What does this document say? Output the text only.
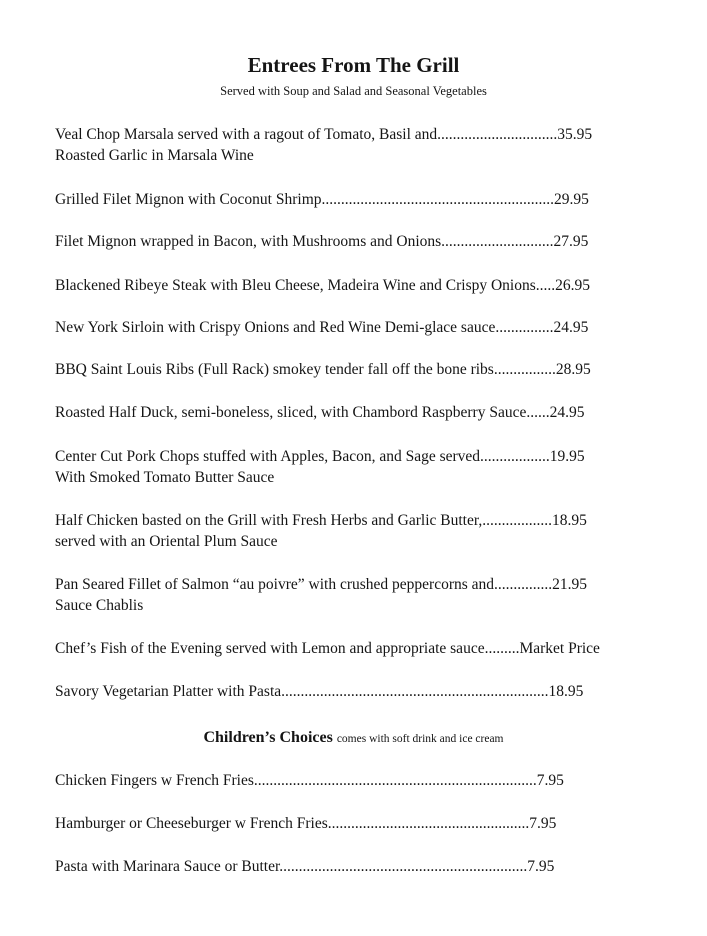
Entrees From The Grill
Served with Soup and Salad and Seasonal Vegetables
Veal Chop Marsala served with a ragout of Tomato, Basil and...............................35.95
Roasted Garlic in Marsala Wine
Grilled Filet Mignon with Coconut Shrimp............................................................29.95
Filet Mignon wrapped in Bacon, with Mushrooms and Onions.............................27.95
Blackened Ribeye Steak with Bleu Cheese, Madeira Wine and Crispy Onions.....26.95
New York Sirloin with Crispy Onions and Red Wine Demi-glace sauce...............24.95
BBQ Saint Louis Ribs (Full Rack) smokey tender fall off the bone ribs................28.95
Roasted Half Duck, semi-boneless, sliced, with Chambord Raspberry Sauce......24.95
Center Cut Pork Chops stuffed with Apples, Bacon, and Sage served..................19.95
With Smoked Tomato Butter Sauce
Half Chicken basted on the Grill with Fresh Herbs and Garlic Butter,..................18.95
served with an Oriental Plum Sauce
Pan Seared Fillet of Salmon “au poivre” with crushed peppercorns and...............21.95
Sauce Chablis
Chef’s Fish of the Evening served with Lemon and appropriate sauce.........Market Price
Savory Vegetarian Platter with Pasta.....................................................................18.95
Children’s Choices comes with soft drink and ice cream
Chicken Fingers w French Fries.........................................................................7.95
Hamburger or Cheeseburger w French Fries....................................................7.95
Pasta with Marinara Sauce or Butter................................................................7.95
